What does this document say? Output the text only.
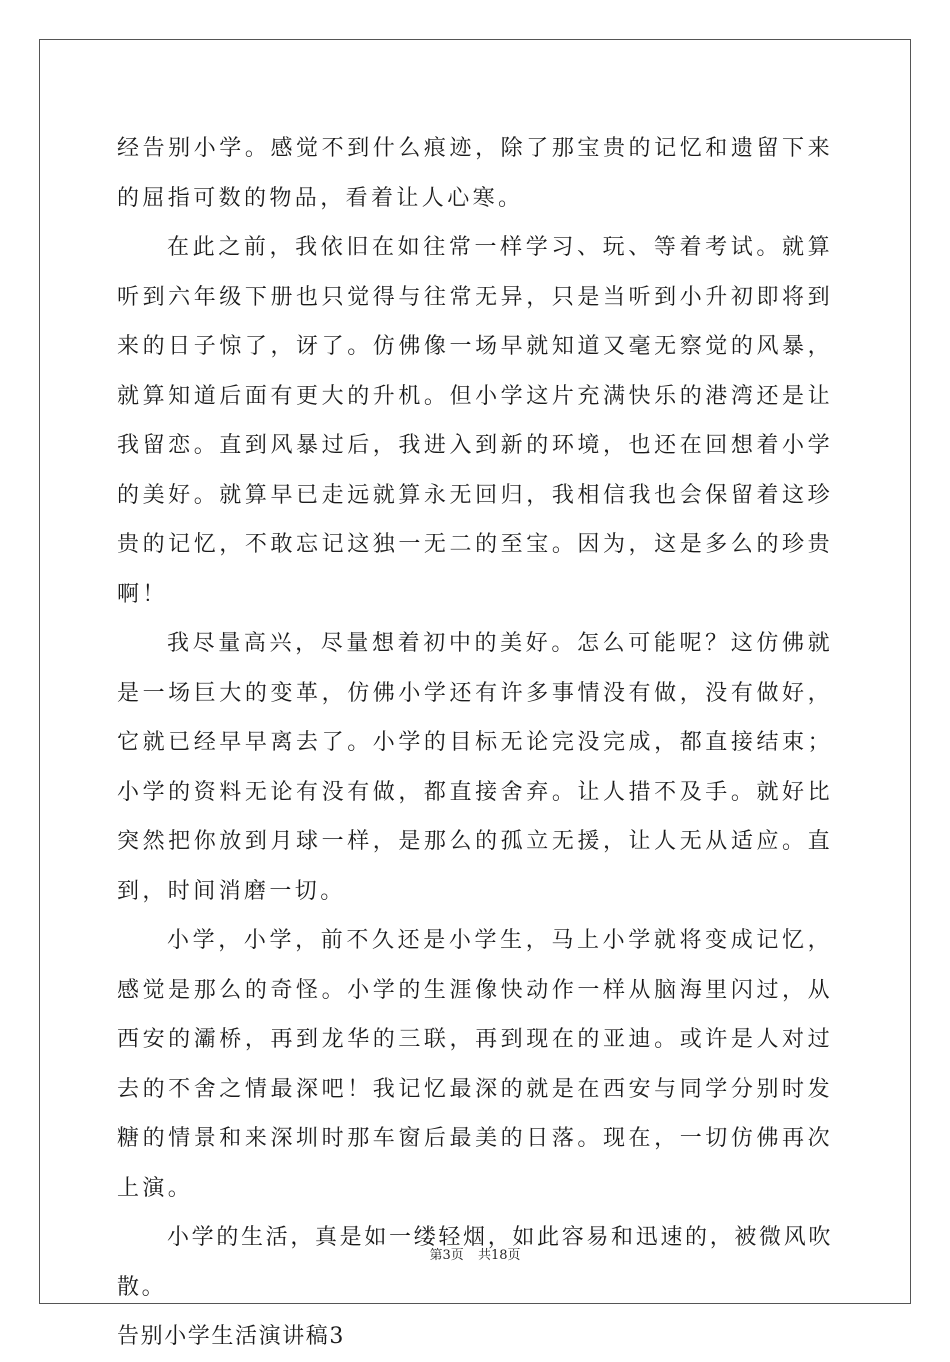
经告别小学。感觉不到什么痕迹，除了那宝贵的记忆和遗留下来的屈指可数的物品，看着让人心寒。

在此之前，我依旧在如往常一样学习、玩、等着考试。就算听到六年级下册也只觉得与往常无异，只是当听到小升初即将到来的日子惊了，讶了。仿佛像一场早就知道又毫无察觉的风暴，就算知道后面有更大的升机。但小学这片充满快乐的港湾还是让我留恋。直到风暴过后，我进入到新的环境，也还在回想着小学的美好。就算早已走远就算永无回归，我相信我也会保留着这珍贵的记忆，不敢忘记这独一无二的至宝。因为，这是多么的珍贵啊！

我尽量高兴，尽量想着初中的美好。怎么可能呢？这仿佛就是一场巨大的变革，仿佛小学还有许多事情没有做，没有做好，它就已经早早离去了。小学的目标无论完没完成，都直接结束；小学的资料无论有没有做，都直接舍弃。让人措不及手。就好比突然把你放到月球一样，是那么的孤立无援，让人无从适应。直到，时间消磨一切。

小学，小学，前不久还是小学生，马上小学就将变成记忆，感觉是那么的奇怪。小学的生涯像快动作一样从脑海里闪过，从西安的灞桥，再到龙华的三联，再到现在的亚迪。或许是人对过去的不舍之情最深吧！我记忆最深的就是在西安与同学分别时发糖的情景和来深圳时那车窗后最美的日落。现在，一切仿佛再次上演。

小学的生活，真是如一缕轻烟，如此容易和迅速的，被微风吹散。

告别小学生活演讲稿3

第3页 共18页
